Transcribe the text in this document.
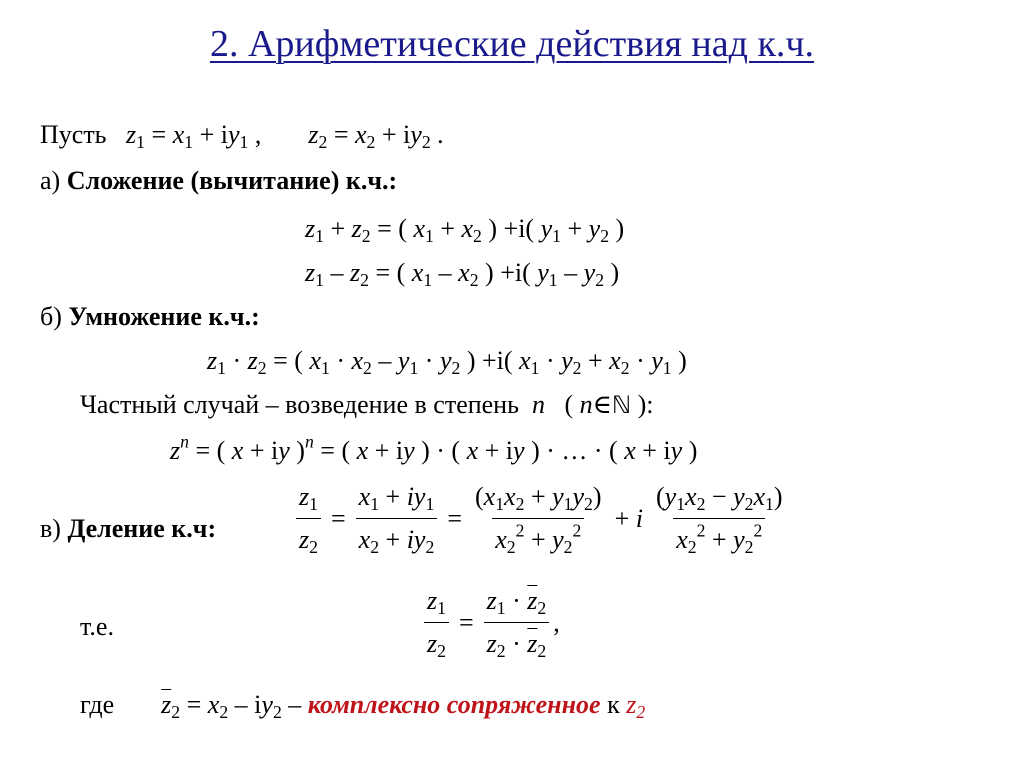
2. Арифметические действия над к.ч.
Пусть $z_1 = x_1 + iy_1$ , $z_2 = x_2 + iy_2$ .
а) Сложение (вычитание) к.ч.:
$z_1 + z_2$ = ( $x_1 + x_2$ ) +i( $y_1 + y_2$ )
$z_1 - z_2$ = ( $x_1 - x_2$ ) +i( $y_1 - y_2$ )
б) Умножение к.ч.:
$z_1 \cdot z_2$ = ( $x_1 \cdot x_2 - y_1 \cdot y_2$ ) +i( $x_1 \cdot y_2 + x_2 \cdot y_1$ )
Частный случай – возведение в степень n ( n∈ℕ ):
$z^n$ = ( x + iy )$^n$ = ( x + iy ) · ( x + iy ) · … · ( x + iy )
в) Деление к.ч:	$\frac{z_1}{z_2} = \frac{x_1 + iy_1}{x_2 + iy_2} = \frac{(x_1x_2 + y_1y_2)}{x_2^2 + y_2^2} + i \frac{(y_1x_2 - y_2x_1)}{x_2^2 + y_2^2}$
т.е.	$\frac{z_1}{z_2} = \frac{z_1 \cdot \overline{z}_2}{z_2 \cdot \overline{z}_2}$ ,
где $\overline{z}_2 = x_2 - iy_2$ – комплексно сопряженное к $z_2$
